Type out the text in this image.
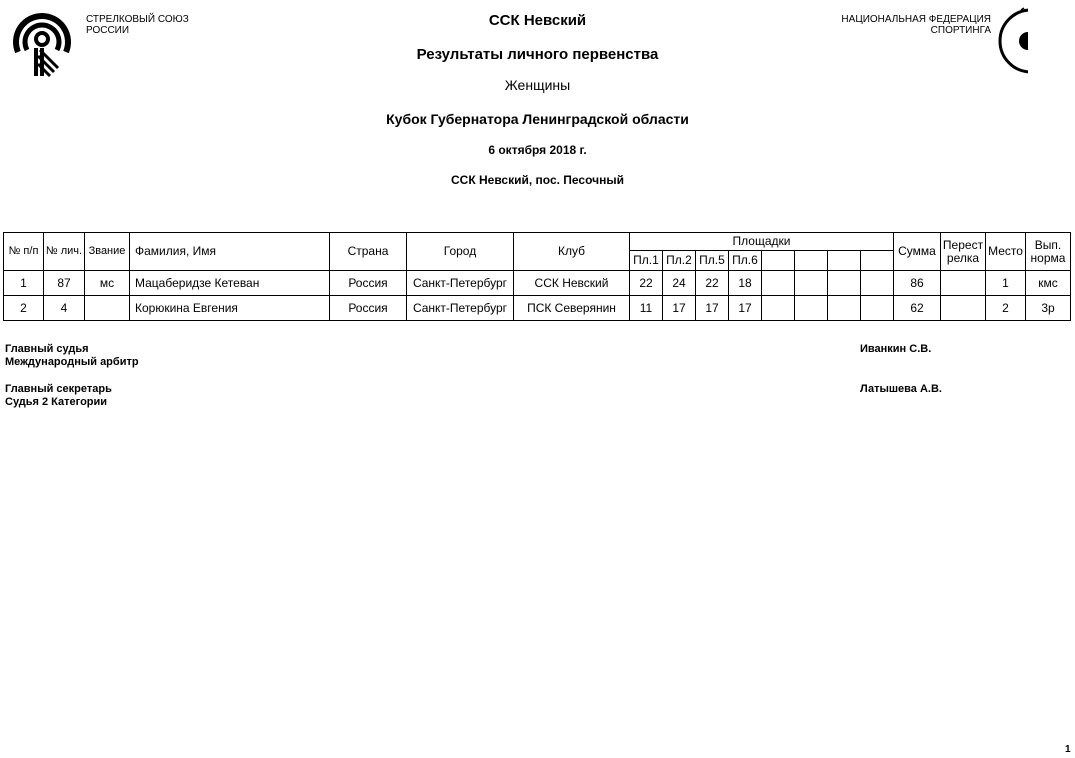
СТРЕЛКОВЫЙ СОЮЗ
РОССИИ
НАЦИОНАЛЬНАЯ ФЕДЕРАЦИЯ
СПОРТИНГА
ССК Невский
Результаты личного первенства
Женщины
Кубок Губернатора Ленинградской области
6 октября 2018 г.
ССК Невский, пос. Песочный
№ п/п	№ лич.	Звание	Фамилия, Имя	Страна	Город	Клуб	Площадки								Сумма	Перестрелка	Место	Вып. норма
							Пл.1	Пл.2	Пл.5	Пл.6								
1	87	мс	Мацаберидзе Кетеван	Россия	Санкт-Петербург	ССК Невский	22	24	22	18					86		1	кмс
2	4		Корюкина Евгения	Россия	Санкт-Петербург	ПСК Северянин	11	17	17	17					62		2	3р
Главный судья
Международный арбитр
Иванкин С.В.
Главный секретарь
Судья 2 Категории
Латышева А.В.
1
